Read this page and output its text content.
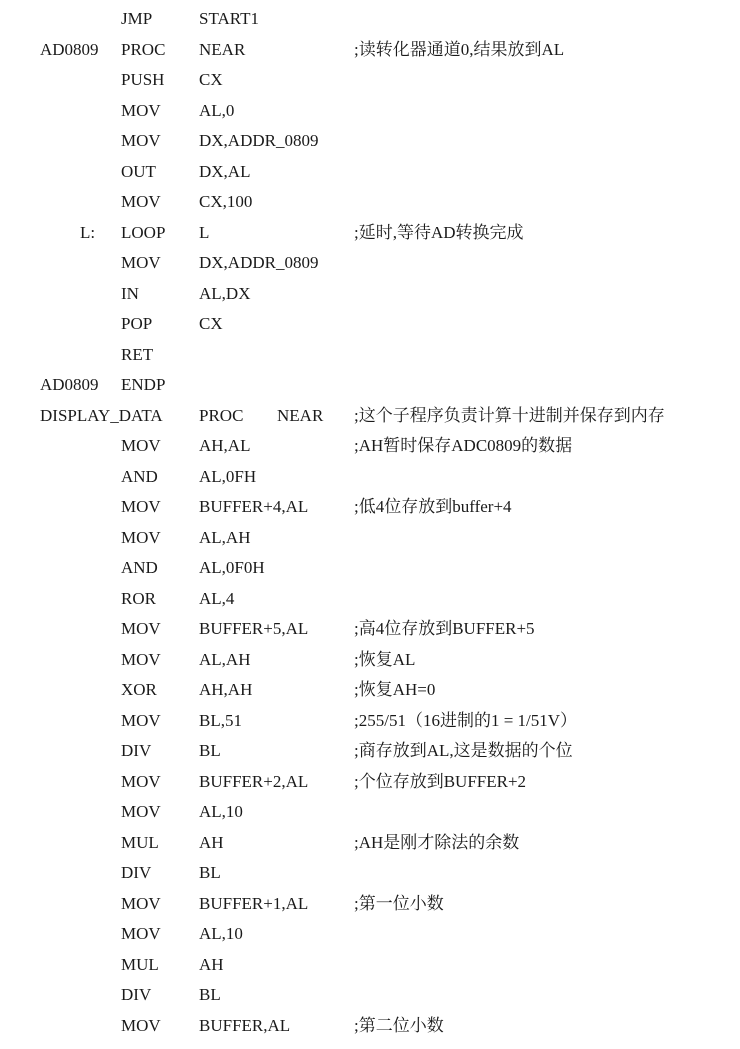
JMP	START1
AD0809 PROC NEAR	;读转化器通道0,结果放到AL
PUSH CX
MOV AL,0
MOV DX,ADDR_0809
OUT	DX,AL
MOV CX,100
L: LOOP L	;延时,等待AD转换完成
MOV DX,ADDR_0809
IN	AL,DX
POP	CX
RET
AD0809 ENDP
DISPLAY_DATA PROC NEAR ;这个子程序负责计算十进制并保存到内存
MOV AH,AL	;AH暂时保存ADC0809的数据
AND AL,0FH
MOV BUFFER+4,AL	;低4位存放到buffer+4
MOV AL,AH
AND AL,0F0H
ROR	AL,4
MOV BUFFER+5,AL	;高4位存放到BUFFER+5
MOV AL,AH	;恢复AL
XOR AH,AH	;恢复AH=0
MOV BL,51	;255/51（16进制的1 = 1/51V）
DIV	BL	;商存放到AL,这是数据的个位
MOV BUFFER+2,AL	;个位存放到BUFFER+2
MOV AL,10
MUL AH	;AH是刚才除法的余数
DIV	BL
MOV BUFFER+1,AL	;第一位小数
MOV AL,10
MUL AH
DIV	BL
MOV BUFFER,AL	;第二位小数
